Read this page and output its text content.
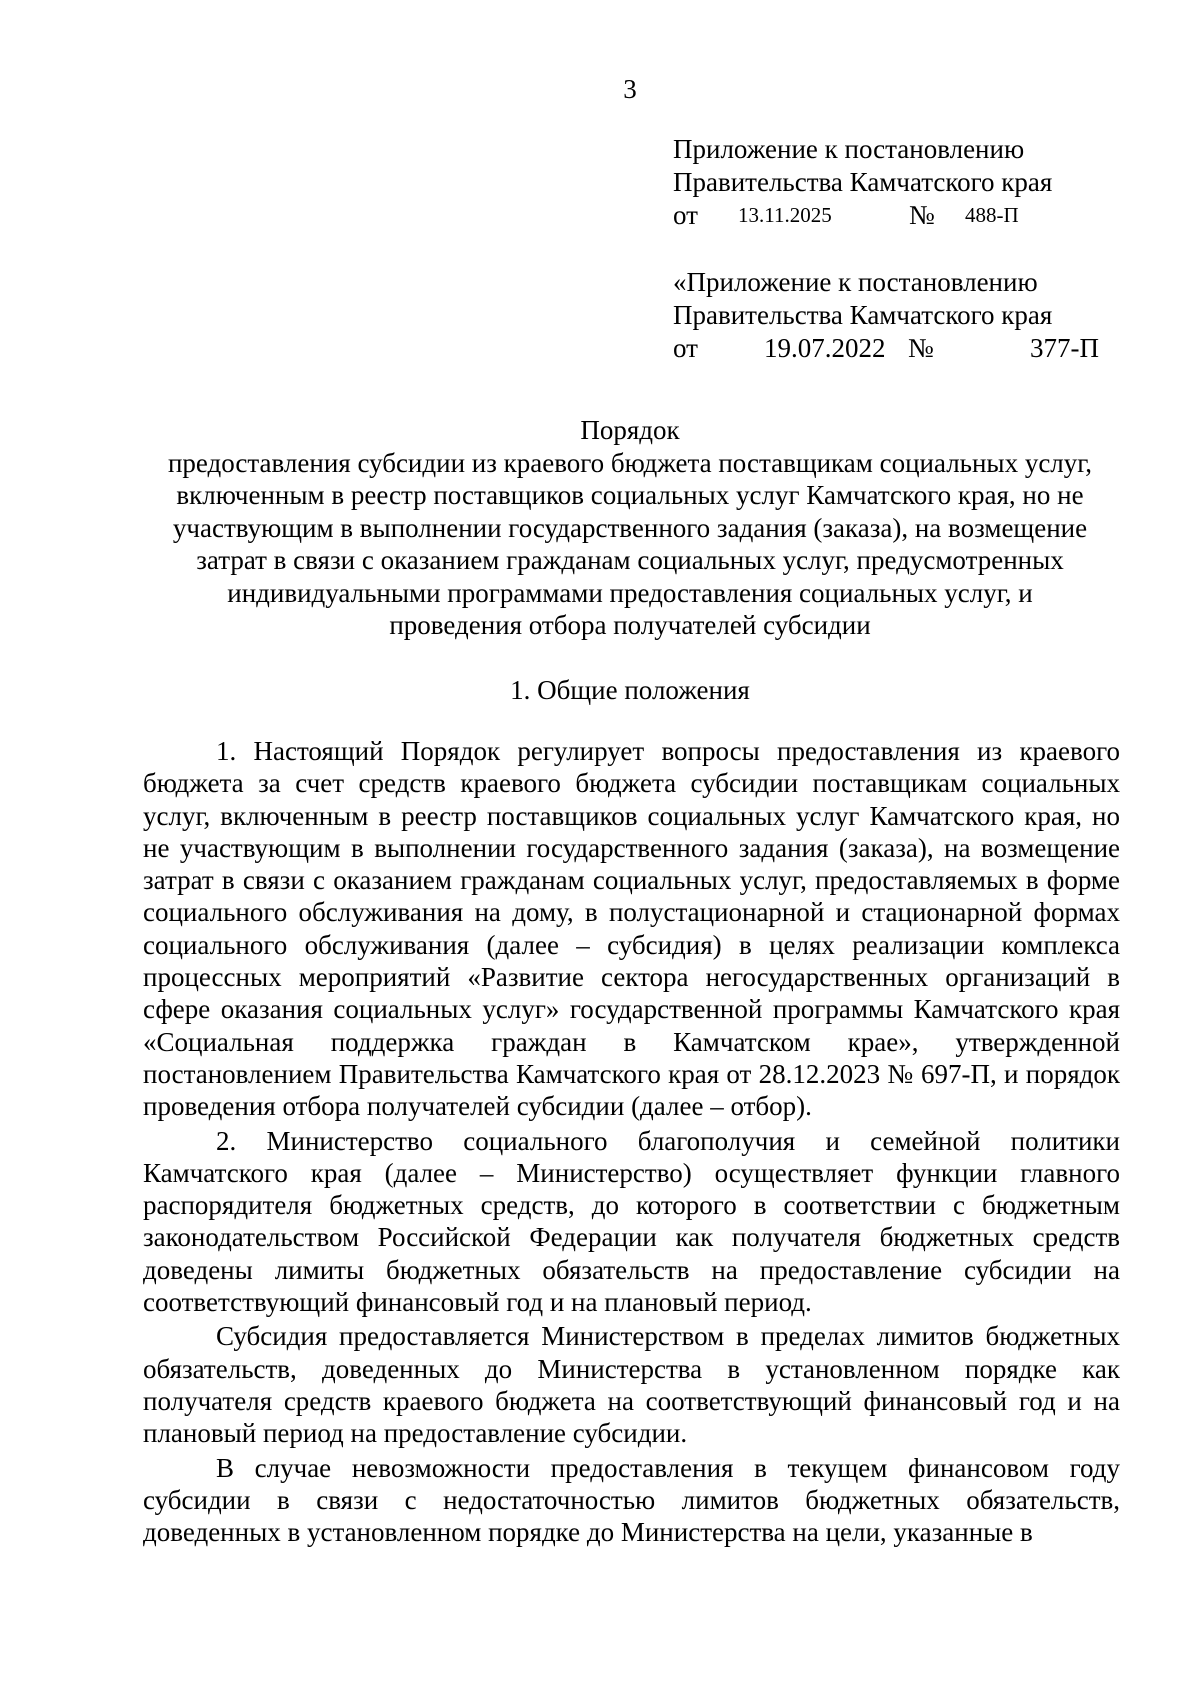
3
Приложение к постановлению
Правительства Камчатского края
от 13.11.2025	№ 488-П
«Приложение к постановлению
Правительства Камчатского края
от 19.07.2022 №	377-П
Порядок
предоставления субсидии из краевого бюджета поставщикам социальных услуг,
включенным в реестр поставщиков социальных услуг Камчатского края, но не
участвующим в выполнении государственного задания (заказа), на возмещение
затрат в связи с оказанием гражданам социальных услуг, предусмотренных
индивидуальными программами предоставления социальных услуг, и
проведения отбора получателей субсидии
1. Общие положения

1. Настоящий Порядок регулирует вопросы предоставления из краевого бюджета за счет средств краевого бюджета субсидии поставщикам социальных услуг, включенным в реестр поставщиков социальных услуг Камчатского края, но не участвующим в выполнении государственного задания (заказа), на возмещение затрат в связи с оказанием гражданам социальных услуг, предоставляемых в форме социального обслуживания на дому, в полустационарной и стационарной формах социального обслуживания (далее – субсидия) в целях реализации комплекса процессных мероприятий «Развитие сектора негосударственных организаций в сфере оказания социальных услуг» государственной программы Камчатского края «Социальная поддержка граждан в Камчатском крае», утвержденной постановлением Правительства Камчатского края от 28.12.2023 № 697-П, и порядок проведения отбора получателей субсидии (далее – отбор).

2. Министерство социального благополучия и семейной политики Камчатского края (далее – Министерство) осуществляет функции главного распорядителя бюджетных средств, до которого в соответствии с бюджетным законодательством Российской Федерации как получателя бюджетных средств доведены лимиты бюджетных обязательств на предоставление субсидии на соответствующий финансовый год и на плановый период.

Субсидия предоставляется Министерством в пределах лимитов бюджетных обязательств, доведенных до Министерства в установленном порядке как получателя средств краевого бюджета на соответствующий финансовый год и на плановый период на предоставление субсидии.

В случае невозможности предоставления в текущем финансовом году субсидии в связи с недостаточностью лимитов бюджетных обязательств, доведенных в установленном порядке до Министерства на цели, указанные в
